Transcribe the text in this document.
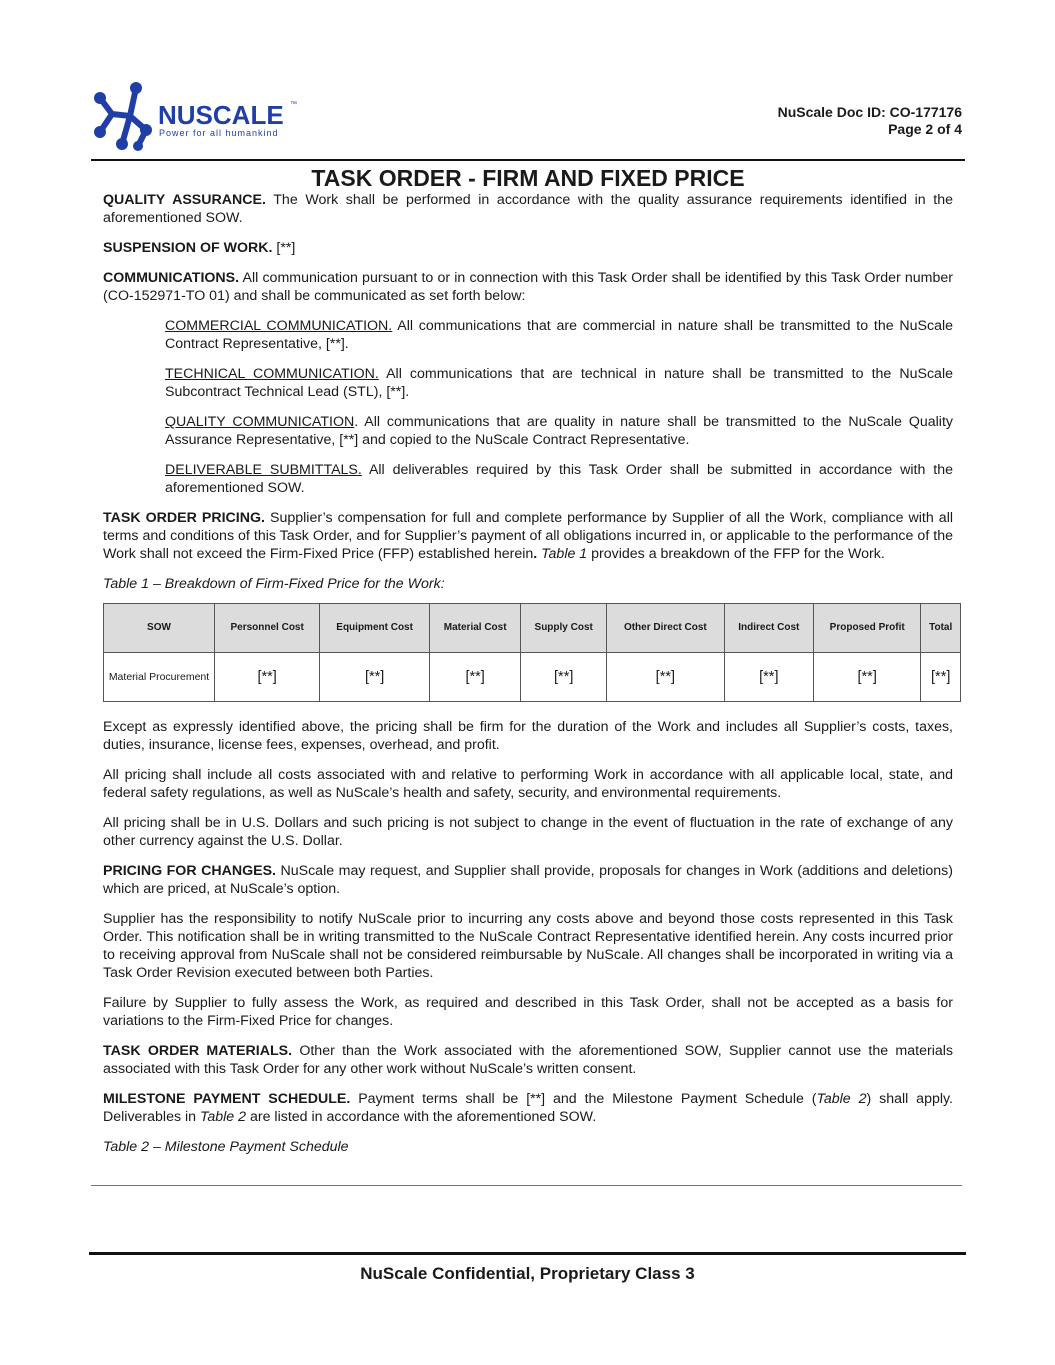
NUSCALE ™
Power for all humankind
NuScale Doc ID: CO-177176
Page 2 of 4
TASK ORDER - FIRM AND FIXED PRICE

QUALITY ASSURANCE. The Work shall be performed in accordance with the quality assurance requirements identified in the aforementioned SOW.

SUSPENSION OF WORK. [**]

COMMUNICATIONS. All communication pursuant to or in connection with this Task Order shall be identified by this Task Order number (CO-152971-TO 01) and shall be communicated as set forth below:

COMMERCIAL COMMUNICATION. All communications that are commercial in nature shall be transmitted to the NuScale Contract Representative, [**].

TECHNICAL COMMUNICATION. All communications that are technical in nature shall be transmitted to the NuScale Subcontract Technical Lead (STL), [**].

QUALITY COMMUNICATION. All communications that are quality in nature shall be transmitted to the NuScale Quality Assurance Representative, [**] and copied to the NuScale Contract Representative.

DELIVERABLE SUBMITTALS. All deliverables required by this Task Order shall be submitted in accordance with the aforementioned SOW.

TASK ORDER PRICING. Supplier’s compensation for full and complete performance by Supplier of all the Work, compliance with all terms and conditions of this Task Order, and for Supplier’s payment of all obligations incurred in, or applicable to the performance of the Work shall not exceed the Firm-Fixed Price (FFP) established herein. Table 1 provides a breakdown of the FFP for the Work.

Table 1 – Breakdown of Firm-Fixed Price for the Work:

SOW	Personnel Cost	Equipment Cost	Material Cost	Supply Cost	Other Direct Cost	Indirect Cost	Proposed Profit	Total
Material Procurement	[**]	[**]	[**]	[**]	[**]	[**]	[**]	[**]

Except as expressly identified above, the pricing shall be firm for the duration of the Work and includes all Supplier’s costs, taxes, duties, insurance, license fees, expenses, overhead, and profit.

All pricing shall include all costs associated with and relative to performing Work in accordance with all applicable local, state, and federal safety regulations, as well as NuScale’s health and safety, security, and environmental requirements.

All pricing shall be in U.S. Dollars and such pricing is not subject to change in the event of fluctuation in the rate of exchange of any other currency against the U.S. Dollar.

PRICING FOR CHANGES. NuScale may request, and Supplier shall provide, proposals for changes in Work (additions and deletions) which are priced, at NuScale’s option.

Supplier has the responsibility to notify NuScale prior to incurring any costs above and beyond those costs represented in this Task Order. This notification shall be in writing transmitted to the NuScale Contract Representative identified herein. Any costs incurred prior to receiving approval from NuScale shall not be considered reimbursable by NuScale. All changes shall be incorporated in writing via a Task Order Revision executed between both Parties.

Failure by Supplier to fully assess the Work, as required and described in this Task Order, shall not be accepted as a basis for variations to the Firm-Fixed Price for changes.

TASK ORDER MATERIALS. Other than the Work associated with the aforementioned SOW, Supplier cannot use the materials associated with this Task Order for any other work without NuScale’s written consent.

MILESTONE PAYMENT SCHEDULE. Payment terms shall be [**] and the Milestone Payment Schedule (Table 2) shall apply. Deliverables in Table 2 are listed in accordance with the aforementioned SOW.

Table 2 – Milestone Payment Schedule

NuScale Confidential, Proprietary Class 3
